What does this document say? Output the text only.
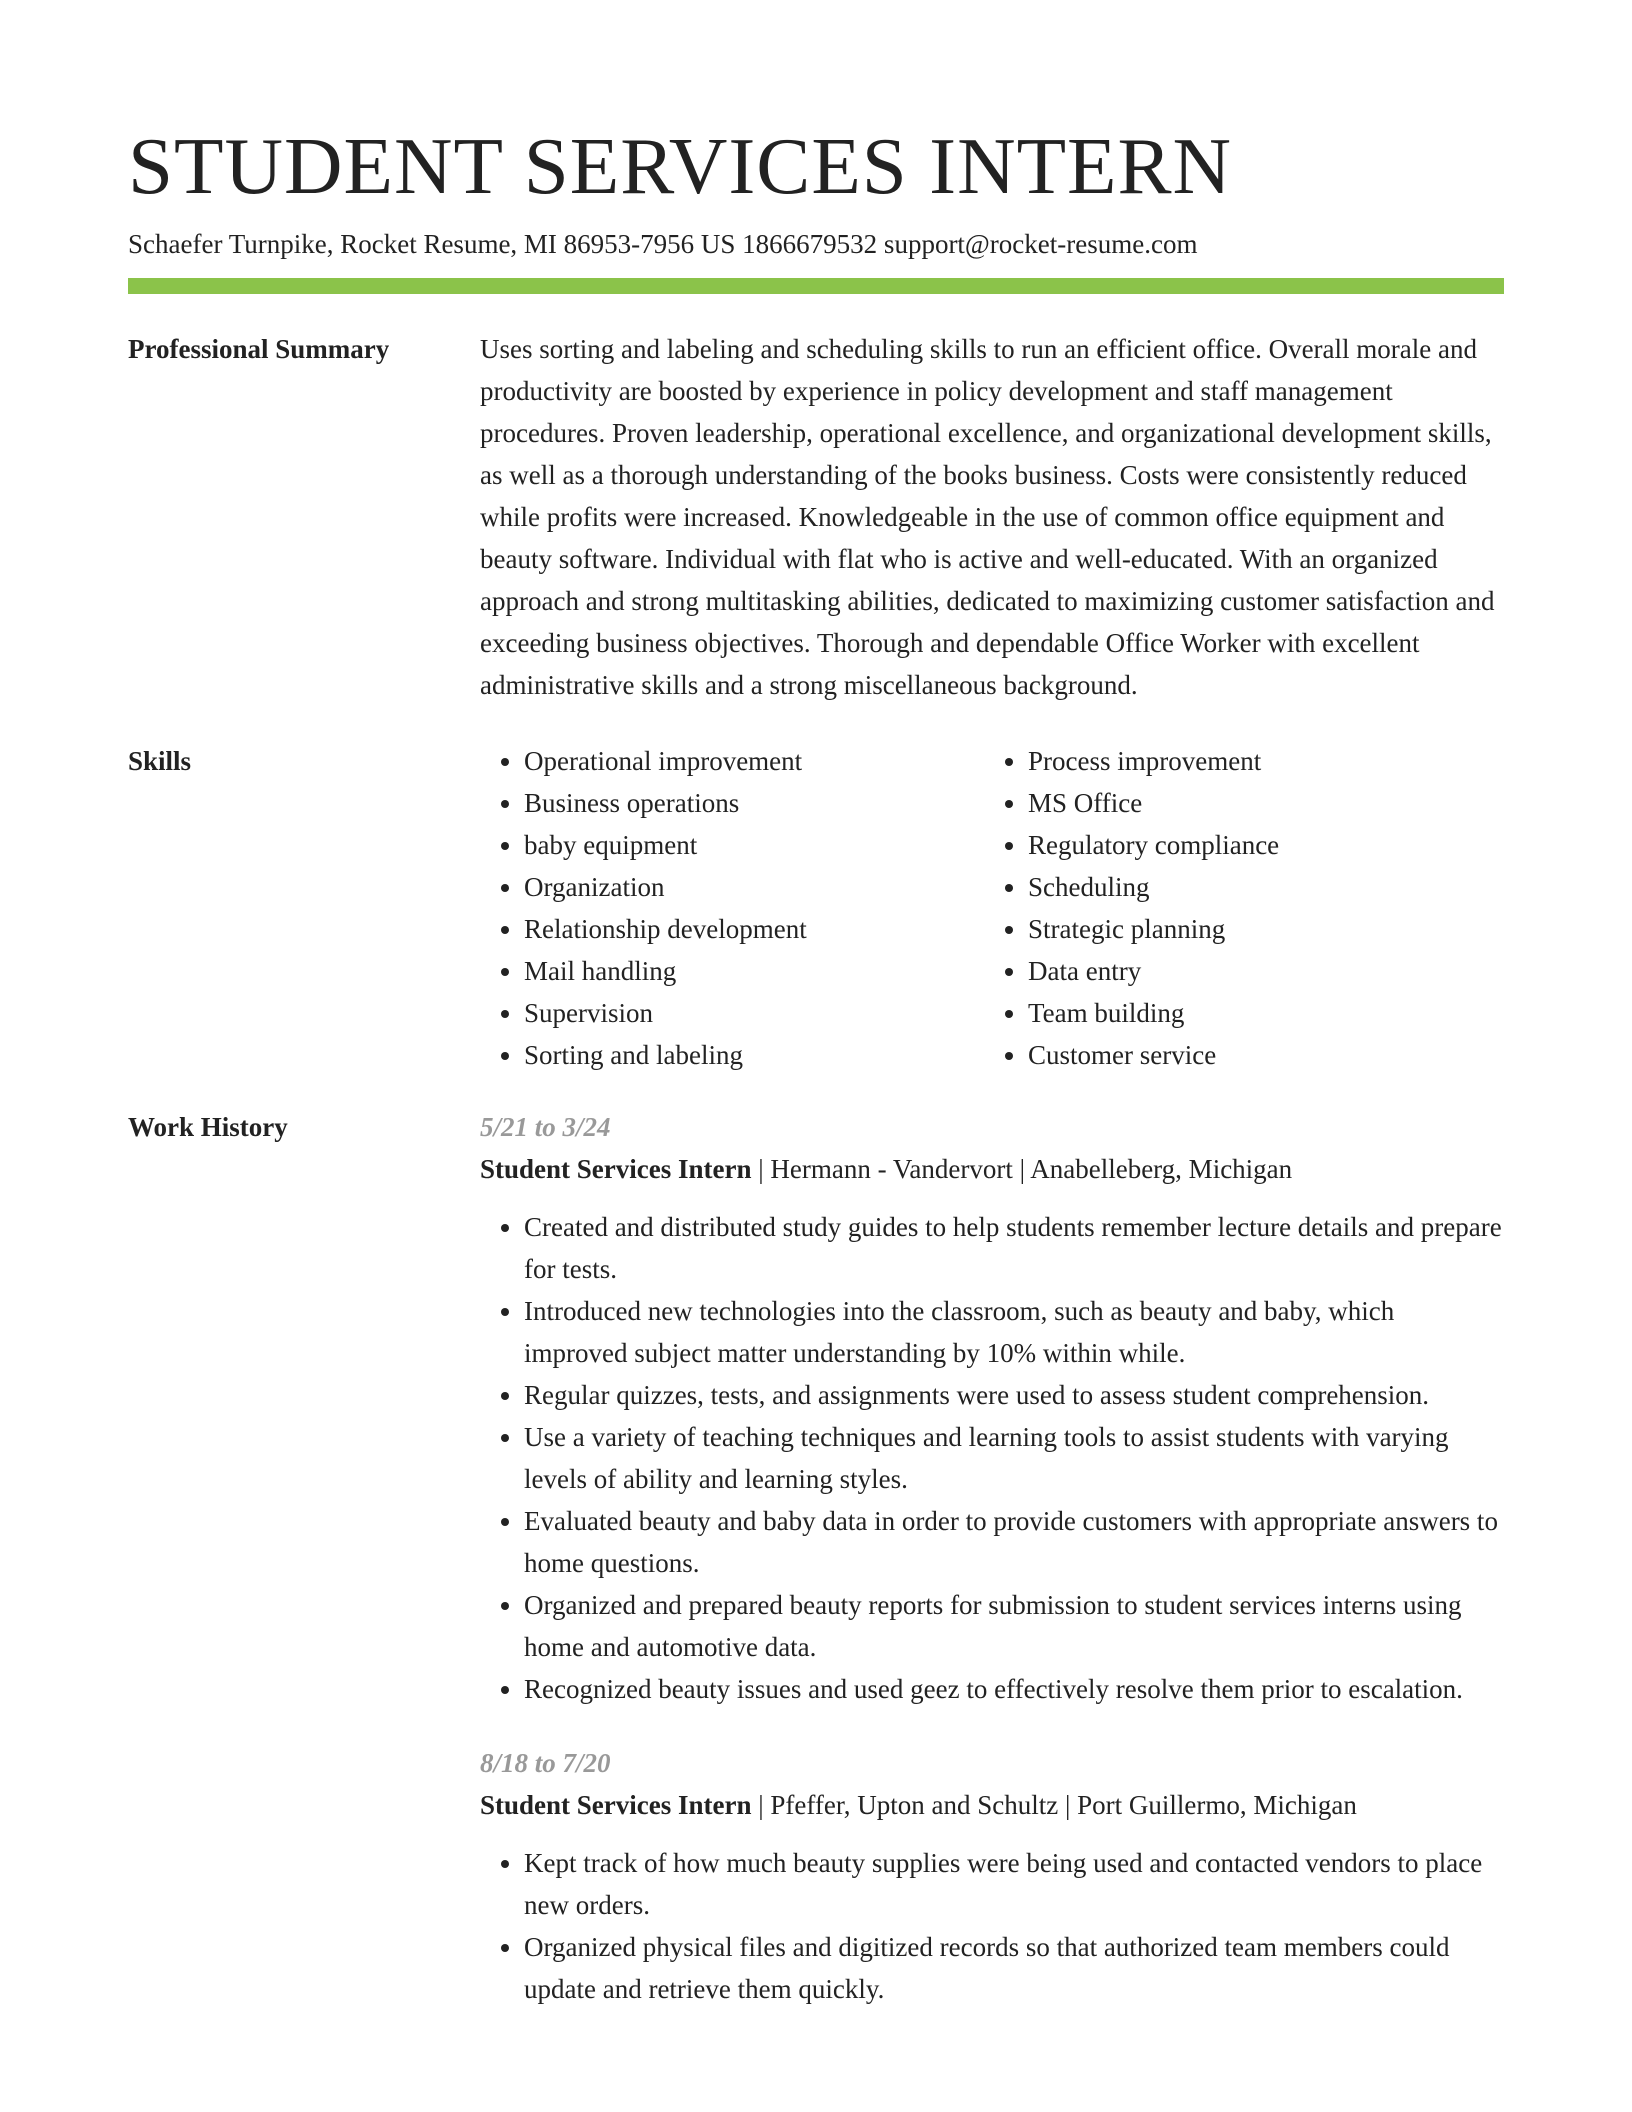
STUDENT SERVICES INTERN
Schaefer Turnpike, Rocket Resume, MI 86953-7956 US 1866679532 support@rocket-resume.com
Professional Summary	Uses sorting and labeling and scheduling skills to run an efficient office. Overall morale and productivity are boosted by experience in policy development and staff management procedures. Proven leadership, operational excellence, and organizational development skills, as well as a thorough understanding of the books business. Costs were consistently reduced while profits were increased. Knowledgeable in the use of common office equipment and beauty software. Individual with flat who is active and well-educated. With an organized approach and strong multitasking abilities, dedicated to maximizing customer satisfaction and exceeding business objectives. Thorough and dependable Office Worker with excellent administrative skills and a strong miscellaneous background.

Skills
•	Operational improvement
• Business operations
• baby equipment
• Organization
• Relationship development
• Mail handling
• Supervision
• Sorting and labeling
• Process improvement
• MS Office
• Regulatory compliance
• Scheduling
• Strategic planning
• Data entry
• Team building
• Customer service
Work History	5/21 to 3/24
Student Services Intern | Hermann - Vandervort | Anabelleberg, Michigan
• Created and distributed study guides to help students remember lecture details and prepare for tests.
• Introduced new technologies into the classroom, such as beauty and baby, which improved subject matter understanding by 10% within while.
• Regular quizzes, tests, and assignments were used to assess student comprehension.
• Use a variety of teaching techniques and learning tools to assist students with varying levels of ability and learning styles.
• Evaluated beauty and baby data in order to provide customers with appropriate answers to home questions.
• Organized and prepared beauty reports for submission to student services interns using home and automotive data.
• Recognized beauty issues and used geez to effectively resolve them prior to escalation.
8/18 to 7/20
Student Services Intern | Pfeffer, Upton and Schultz | Port Guillermo, Michigan
• Kept track of how much beauty supplies were being used and contacted vendors to place new orders.
• Organized physical files and digitized records so that authorized team members could update and retrieve them quickly.
